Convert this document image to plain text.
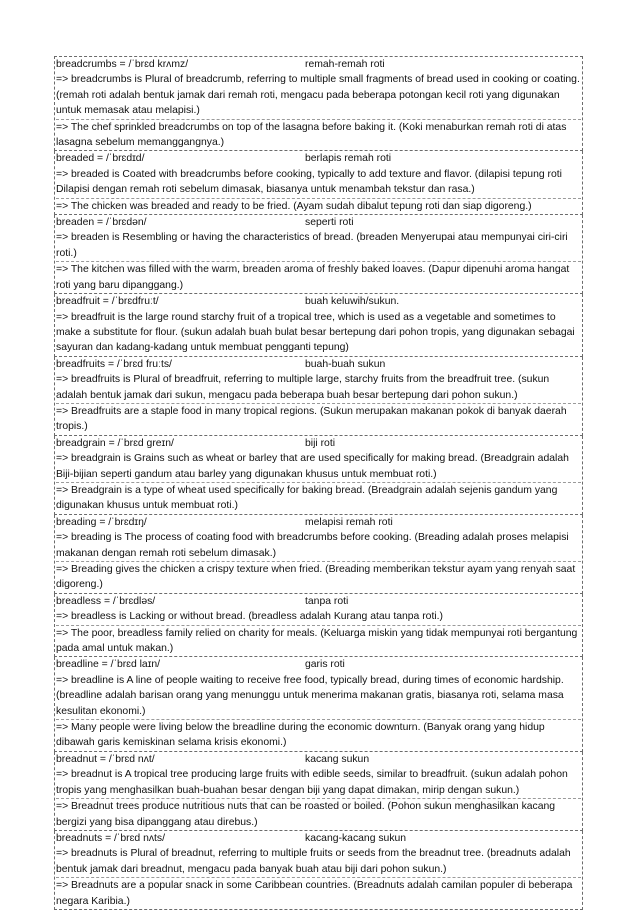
breadcrumbs = /ˈbrɛd krʌmz/	remah-remah roti
=> breadcrumbs is Plural of breadcrumb, referring to multiple small fragments of bread used in cooking or coating. (remah roti adalah bentuk jamak dari remah roti, mengacu pada beberapa potongan kecil roti yang digunakan untuk memasak atau melapisi.)
=> The chef sprinkled breadcrumbs on top of the lasagna before baking it. (Koki menaburkan remah roti di atas lasagna sebelum memanggangnya.)
breaded = /ˈbrɛdɪd/	berlapis remah roti
=> breaded is Coated with breadcrumbs before cooking, typically to add texture and flavor. (dilapisi tepung roti Dilapisi dengan remah roti sebelum dimasak, biasanya untuk menambah tekstur dan rasa.)
=> The chicken was breaded and ready to be fried. (Ayam sudah dibalut tepung roti dan siap digoreng.)
breaden = /ˈbrɛdən/	seperti roti
=> breaden is Resembling or having the characteristics of bread. (breaden Menyerupai atau mempunyai ciri-ciri roti.)
=> The kitchen was filled with the warm, breaden aroma of freshly baked loaves. (Dapur dipenuhi aroma hangat roti yang baru dipanggang.)
breadfruit = /ˈbrɛdfruːt/	buah keluwih/sukun.
=> breadfruit is the large round starchy fruit of a tropical tree, which is used as a vegetable and sometimes to make a substitute for flour. (sukun adalah buah bulat besar bertepung dari pohon tropis, yang digunakan sebagai sayuran dan kadang-kadang untuk membuat pengganti tepung)
breadfruits = /ˈbrɛd fruːts/	buah-buah sukun
=> breadfruits is Plural of breadfruit, referring to multiple large, starchy fruits from the breadfruit tree. (sukun adalah bentuk jamak dari sukun, mengacu pada beberapa buah besar bertepung dari pohon sukun.)
=> Breadfruits are a staple food in many tropical regions. (Sukun merupakan makanan pokok di banyak daerah tropis.)
breadgrain = /ˈbrɛd greɪn/	biji roti
=> breadgrain is Grains such as wheat or barley that are used specifically for making bread. (Breadgrain adalah Biji-bijian seperti gandum atau barley yang digunakan khusus untuk membuat roti.)
=> Breadgrain is a type of wheat used specifically for baking bread. (Breadgrain adalah sejenis gandum yang digunakan khusus untuk membuat roti.)
breading = /ˈbrɛdɪŋ/	melapisi remah roti
=> breading is The process of coating food with breadcrumbs before cooking. (Breading adalah proses melapisi makanan dengan remah roti sebelum dimasak.)
=> Breading gives the chicken a crispy texture when fried. (Breading memberikan tekstur ayam yang renyah saat digoreng.)
breadless = /ˈbrɛdləs/	tanpa roti
=> breadless is Lacking or without bread. (breadless adalah Kurang atau tanpa roti.)
=> The poor, breadless family relied on charity for meals. (Keluarga miskin yang tidak mempunyai roti bergantung pada amal untuk makan.)
breadline = /ˈbrɛd laɪn/	garis roti
=> breadline is A line of people waiting to receive free food, typically bread, during times of economic hardship. (breadline adalah barisan orang yang menunggu untuk menerima makanan gratis, biasanya roti, selama masa kesulitan ekonomi.)
=> Many people were living below the breadline during the economic downturn. (Banyak orang yang hidup dibawah garis kemiskinan selama krisis ekonomi.)
breadnut = /ˈbrɛd nʌt/	kacang sukun
=> breadnut is A tropical tree producing large fruits with edible seeds, similar to breadfruit. (sukun adalah pohon tropis yang menghasilkan buah-buahan besar dengan biji yang dapat dimakan, mirip dengan sukun.)
=> Breadnut trees produce nutritious nuts that can be roasted or boiled. (Pohon sukun menghasilkan kacang bergizi yang bisa dipanggang atau direbus.)
breadnuts = /ˈbrɛd nʌts/	kacang-kacang sukun
=> breadnuts is Plural of breadnut, referring to multiple fruits or seeds from the breadnut tree. (breadnuts adalah bentuk jamak dari breadnut, mengacu pada banyak buah atau biji dari pohon sukun.)
=> Breadnuts are a popular snack in some Caribbean countries. (Breadnuts adalah camilan populer di beberapa negara Karibia.)
